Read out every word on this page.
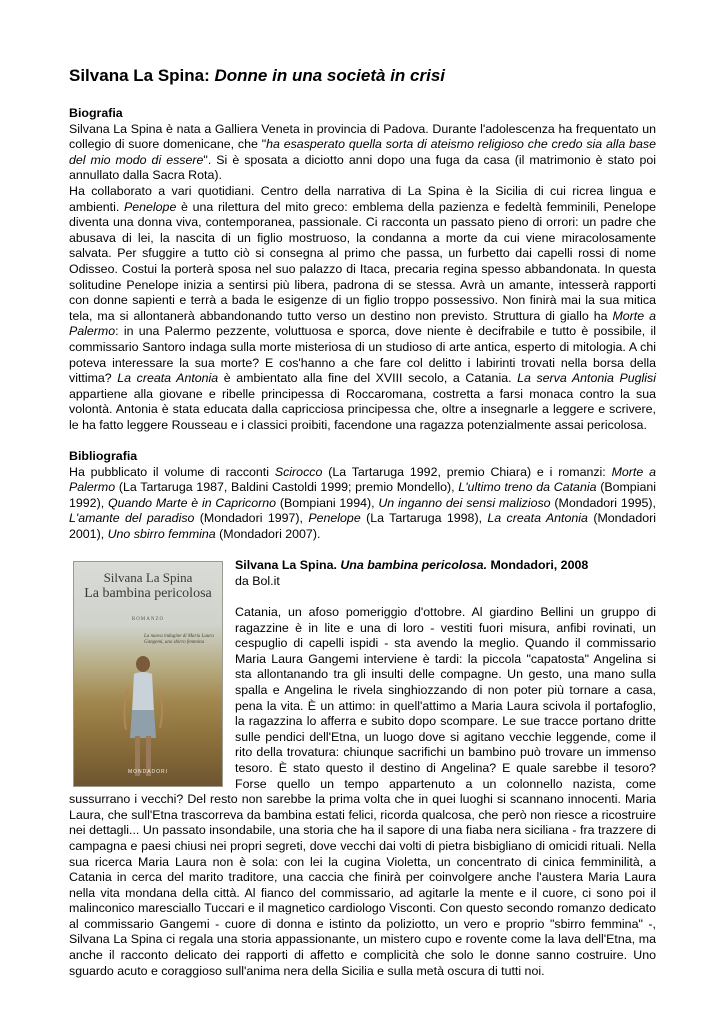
Silvana La Spina: Donne in una società in crisi
Biografia

Silvana La Spina è nata a Galliera Veneta in provincia di Padova. Durante l'adolescenza ha frequentato un collegio di suore domenicane, che "ha esasperato quella sorta di ateismo religioso che credo sia alla base del mio modo di essere". Si è sposata a diciotto anni dopo una fuga da casa (il matrimonio è stato poi annullato dalla Sacra Rota).

Ha collaborato a vari quotidiani. Centro della narrativa di La Spina è la Sicilia di cui ricrea lingua e ambienti. Penelope è una rilettura del mito greco: emblema della pazienza e fedeltà femminili, Penelope diventa una donna viva, contemporanea, passionale. Ci racconta un passato pieno di orrori: un padre che abusava di lei, la nascita di un figlio mostruoso, la condanna a morte da cui viene miracolosamente salvata. Per sfuggire a tutto ciò si consegna al primo che passa, un furbetto dai capelli rossi di nome Odisseo. Costui la porterà sposa nel suo palazzo di Itaca, precaria regina spesso abbandonata. In questa solitudine Penelope inizia a sentirsi più libera, padrona di se stessa. Avrà un amante, intesserà rapporti con donne sapienti e terrà a bada le esigenze di un figlio troppo possessivo. Non finirà mai la sua mitica tela, ma si allontanerà abbandonando tutto verso un destino non previsto. Struttura di giallo ha Morte a Palermo: in una Palermo pezzente, voluttuosa e sporca, dove niente è decifrabile e tutto è possibile, il commissario Santoro indaga sulla morte misteriosa di un studioso di arte antica, esperto di mitologia. A chi poteva interessare la sua morte? E cos'hanno a che fare col delitto i labirinti trovati nella borsa della vittima? La creata Antonia è ambientato alla fine del XVIII secolo, a Catania. La serva Antonia Puglisi appartiene alla giovane e ribelle principessa di Roccaromana, costretta a farsi monaca contro la sua volontà. Antonia è stata educata dalla capricciosa principessa che, oltre a insegnarle a leggere e scrivere, le ha fatto leggere Rousseau e i classici proibiti, facendone una ragazza potenzialmente assai pericolosa.

Bibliografia

Ha pubblicato il volume di racconti Scirocco (La Tartaruga 1992, premio Chiara) e i romanzi: Morte a Palermo (La Tartaruga 1987, Baldini Castoldi 1999; premio Mondello), L'ultimo treno da Catania (Bompiani 1992), Quando Marte è in Capricorno (Bompiani 1994), Un inganno dei sensi malizioso (Mondadori 1995), L'amante del paradiso (Mondadori 1997), Penelope (La Tartaruga 1998), La creata Antonia (Mondadori 2001), Uno sbirro femmina (Mondadori 2007).

Silvana La Spina
La bambina pericolosa
ROMANZO
La nuova indagine di Maria Laura Gangemi, uno sbirro femmina
MONDADORI
Silvana La Spina. Una bambina pericolosa. Mondadori, 2008
da Bol.it

Catania, un afoso pomeriggio d'ottobre. Al giardino Bellini un gruppo di ragazzine è in lite e una di loro - vestiti fuori misura, anfibi rovinati, un cespuglio di capelli ispidi - sta avendo la meglio. Quando il commissario Maria Laura Gangemi interviene è tardi: la piccola "capatosta" Angelina si sta allontanando tra gli insulti delle compagne. Un gesto, una mano sulla spalla e Angelina le rivela singhiozzando di non poter più tornare a casa, pena la vita. È un attimo: in quell'attimo a Maria Laura scivola il portafoglio, la ragazzina lo afferra e subito dopo scompare. Le sue tracce portano dritte sulle pendici dell'Etna, un luogo dove si agitano vecchie leggende, come il rito della trovatura: chiunque sacrifichi un bambino può trovare un immenso tesoro. È stato questo il destino di Angelina? E quale sarebbe il tesoro? Forse quello un tempo appartenuto a un colonnello nazista, come sussurrano i vecchi? Del resto non sarebbe la prima volta che in quei luoghi si scannano innocenti. Maria Laura, che sull'Etna trascorreva da bambina estati felici, ricorda qualcosa, che però non riesce a ricostruire nei dettagli... Un passato insondabile, una storia che ha il sapore di una fiaba nera siciliana - fra trazzere di campagna e paesi chiusi nei propri segreti, dove vecchi dai volti di pietra bisbigliano di omicidi rituali. Nella sua ricerca Maria Laura non è sola: con lei la cugina Violetta, un concentrato di cinica femminilità, a Catania in cerca del marito traditore, una caccia che finirà per coinvolgere anche l'austera Maria Laura nella vita mondana della città. Al fianco del commissario, ad agitarle la mente e il cuore, ci sono poi il malinconico maresciallo Tuccari e il magnetico cardiologo Visconti. Con questo secondo romanzo dedicato al commissario Gangemi - cuore di donna e istinto da poliziotto, un vero e proprio "sbirro femmina" -, Silvana La Spina ci regala una storia appassionante, un mistero cupo e rovente come la lava dell'Etna, ma anche il racconto delicato dei rapporti di affetto e complicità che solo le donne sanno costruire. Uno sguardo acuto e coraggioso sull'anima nera della Sicilia e sulla metà oscura di tutti noi.
